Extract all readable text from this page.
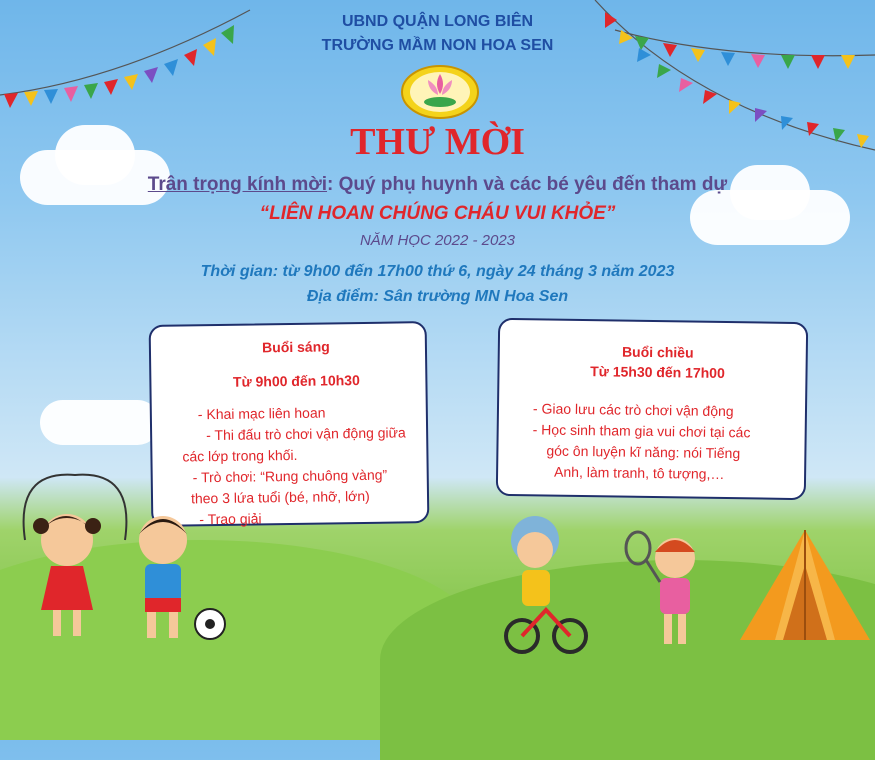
UBND QUẬN LONG BIÊN
TRƯỜNG MẦM NON HOA SEN
THƯ MỜI
Trân trọng kính mời: Quý phụ huynh và các bé yêu đến tham dự
“LIÊN HOAN CHÚNG CHÁU VUI KHỎE”
NĂM HỌC 2022 - 2023
Thời gian: từ 9h00 đến 17h00 thứ 6, ngày 24 tháng 3 năm 2023
Địa điểm: Sân trường MN Hoa Sen
Buổi sáng
Từ 9h00 đến 10h30
- Khai mạc liên hoan
- Thi đấu trò chơi vận động giữa
các lớp trong khối.
- Trò chơi: “Rung chuông vàng”
theo 3 lứa tuổi (bé, nhỡ, lớn)
- Trao giải
Buổi chiều
Từ 15h30 đến 17h00
- Giao lưu các trò chơi vận động
- Học sinh tham gia vui chơi tại các
góc ôn luyện kĩ năng: nói Tiếng
Anh, làm tranh, tô tượng,…
